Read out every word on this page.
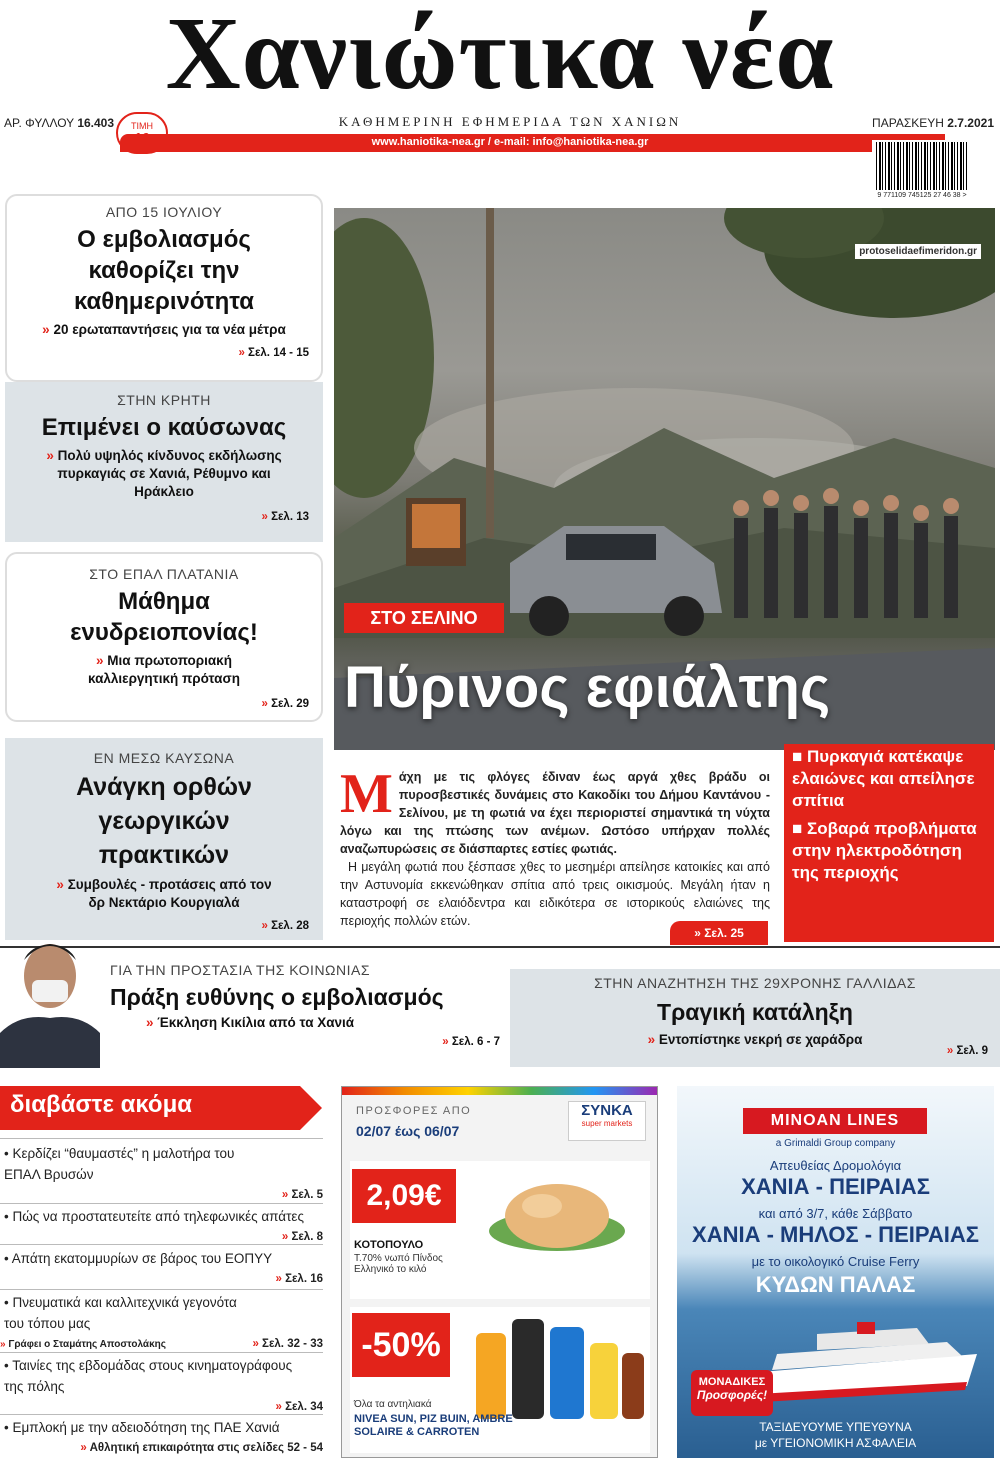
Χανιώτικα νέα
ΑΡ. ΦΥΛΛΟΥ 16.403	ΤΙΜΗ	ΚΑΘΗΜΕΡΙΝΗ ΕΦΗΜΕΡΙΔΑ ΤΩΝ ΧΑΝΙΩΝ	ΠΑΡΑΣΚΕΥΗ 2.7.2021
www.haniotika-nea.gr / e-mail: info@haniotika-nea.gr
9 771109 745125 27 46 38 >
ΑΠΟ 15 ΙΟΥΛΙΟΥ
Ο εμβολιασμός καθορίζει την καθημερινότητα
» 20 ερωταπαντήσεις για τα νέα μέτρα
» Σελ. 14 - 15
ΣΤΗΝ ΚΡΗΤΗ
Επιμένει ο καύσωνας
» Πολύ υψηλός κίνδυνος εκδήλωσης πυρκαγιάς σε Χανιά, Ρέθυμνο και Ηράκλειο
» Σελ. 13
ΣΤΟ ΕΠΑΛ ΠΛΑΤΑΝΙΑ
Μάθημα ενυδρειοπονίας!
» Μια πρωτοποριακή καλλιεργητική πρόταση
» Σελ. 29
ΕΝ ΜΕΣΩ ΚΑΥΣΩΝΑ
Ανάγκη ορθών γεωργικών πρακτικών
» Συμβουλές - προτάσεις από τον δρ Νεκτάριο Κουργιαλά
» Σελ. 28
protoselidaefimeridon.gr
ΣΤΟ ΣΕΛΙΝΟ
Πύρινος εφιάλτης
Μ άχη με τις φλόγες έδιναν έως αργά χθες βράδυ οι πυροσβεστικές δυνάμεις στο Κακοδίκι του Δήμου Καντάνου - Σελίνου, με τη φωτιά να έχει περιοριστεί σημαντικά τη νύχτα λόγω και της πτώσης των ανέμων. Ωστόσο υπήρχαν πολλές αναζωπυρώσεις σε διάσπαρτες εστίες φωτιάς.

Η μεγάλη φωτιά που ξέσπασε χθες το μεσημέρι απείλησε κατοικίες και από την Αστυνομία εκκενώθηκαν σπίτια από τρεις οικισμούς. Μεγάλη ήταν η καταστροφή σε ελαιόδεντρα και ειδικότερα σε ιστορικούς ελαιώνες της περιοχής πολλών ετών.

» Σελ. 25
■ Πυρκαγιά κατέκαψε ελαιώνες και απείλησε σπίτια
■ Σοβαρά προβλήματα στην ηλεκτροδότηση της περιοχής
ΓΙΑ ΤΗΝ ΠΡΟΣΤΑΣΙΑ ΤΗΣ ΚΟΙΝΩΝΙΑΣ
Πράξη ευθύνης ο εμβολιασμός
» Έκκληση Κικίλια από τα Χανιά
» Σελ. 6 - 7
ΣΤΗΝ ΑΝΑΖΗΤΗΣΗ ΤΗΣ 29ΧΡΟΝΗΣ ΓΑΛΛΙΔΑΣ
Τραγική κατάληξη
» Εντοπίστηκε νεκρή σε χαράδρα
» Σελ. 9
διαβάστε ακόμα
• Κερδίζει “θαυμαστές” η μαλοτήρα του ΕΠΑΛ Βρυσών
» Σελ. 5
• Πώς να προστατευτείτε από τηλεφωνικές απάτες
» Σελ. 8
• Απάτη εκατομμυρίων σε βάρος του ΕΟΠΥΥ
» Σελ. 16
• Πνευματικά και καλλιτεχνικά γεγονότα του τόπου μας
» Γράφει ο Σταμάτης Αποστολάκης	» Σελ. 32 - 33
• Ταινίες της εβδομάδας στους κινηματογράφους της πόλης
» Σελ. 34
• Εμπλοκή με την αδειοδότηση της ΠΑΕ Χανιά
» Αθλητική επικαιρότητα στις σελίδες 52 - 54
ΠΡΟΣΦΟΡΕΣ ΑΠΟ
02/07 έως 06/07
ΣΥΝΚΑ
super markets
2,09€
ΚΟΤΟΠΟΥΛΟ
Τ.70% νωπό Πίνδος Ελληνικό το κιλό
-50%
Όλα τα αντηλιακά
NIVEA SUN, PIZ BUIN, AMBRE SOLAIRE & CARROTEN
MINOAN LINES
a Grimaldi Group company
Απευθείας Δρομολόγια
ΧΑΝΙΑ - ΠΕΙΡΑΙΑΣ
και από 3/7, κάθε Σάββατο
ΧΑΝΙΑ - ΜΗΛΟΣ - ΠΕΙΡΑΙΑΣ
με το οικολογικό Cruise Ferry
ΚΥΔΩΝ ΠΑΛΑΣ
ΜΟΝΑΔΙΚΕΣ
Προσφορές!
ΤΑΞΙΔΕΥΟΥΜΕ ΥΠΕΥΘΥΝΑ
με ΥΓΕΙΟΝΟΜΙΚΗ ΑΣΦΑΛΕΙΑ
